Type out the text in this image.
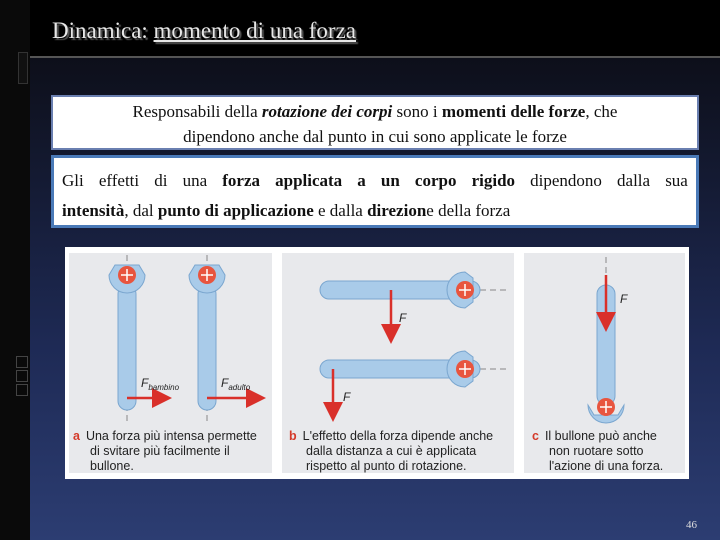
Dinamica: momento di una forza
Responsabili della rotazione dei corpi sono i momenti delle forze, che
dipendono anche dal punto in cui sono applicate le forze
Gli effetti di una forza applicata a un corpo rigido dipendono dalla sua
intensità, dal punto di applicazione e dalla direzione della forza
$F_{bambino}$	$F_{adulto}$
F
F
F
a Una forza più intensa permette
di svitare più facilmente il
bullone.
b L'effetto della forza dipende anche
dalla distanza a cui è applicata
rispetto al punto di rotazione.
c Il bullone può anche
non ruotare sotto
l'azione di una forza.
46
